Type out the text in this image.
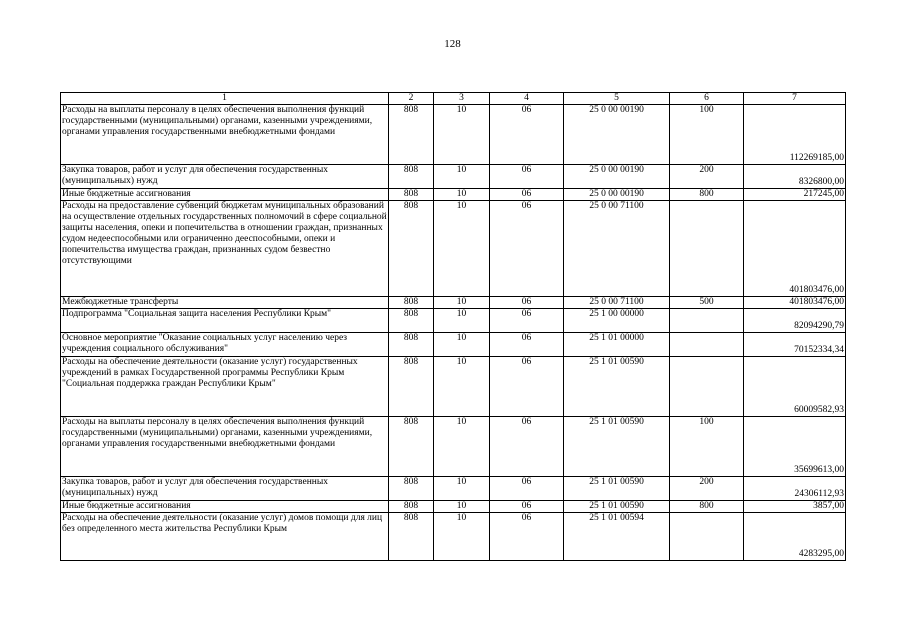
128
1	2	3	4	5	6	7
Расходы на выплаты персоналу в целях обеспечения выполнения функций государственными (муниципальными) органами, казенными учреждениями, органами управления государственными внебюджетными фондами	808	10	06	25 0 00 00190	100	112269185,00
Закупка товаров, работ и услуг для обеспечения государственных (муниципальных) нужд	808	10	06	25 0 00 00190	200	8326800,00
Иные бюджетные ассигнования	808	10	06	25 0 00 00190	800	217245,00
Расходы на предоставление субвенций бюджетам муниципальных образований на осуществление отдельных государственных полномочий в сфере социальной защиты населения, опеки и попечительства в отношении граждан, признанных судом недееспособными или ограниченно дееспособными, опеки и попечительства имущества граждан, признанных судом безвестно отсутствующими	808	10	06	25 0 00 71100		401803476,00
Межбюджетные трансферты	808	10	06	25 0 00 71100	500	401803476,00
Подпрограмма "Социальная защита населения Республики Крым"	808	10	06	25 1 00 00000		82094290,79
Основное мероприятие "Оказание социальных услуг населению через учреждения социального обслуживания"	808	10	06	25 1 01 00000		70152334,34
Расходы на обеспечение деятельности (оказание услуг) государственных учреждений в рамках Государственной программы Республики Крым "Социальная поддержка граждан Республики Крым"	808	10	06	25 1 01 00590		60009582,93
Расходы на выплаты персоналу в целях обеспечения выполнения функций государственными (муниципальными) органами, казенными учреждениями, органами управления государственными внебюджетными фондами	808	10	06	25 1 01 00590	100	35699613,00
Закупка товаров, работ и услуг для обеспечения государственных (муниципальных) нужд	808	10	06	25 1 01 00590	200	24306112,93
Иные бюджетные ассигнования	808	10	06	25 1 01 00590	800	3857,00
Расходы на обеспечение деятельности (оказание услуг) домов помощи для лиц без определенного места жительства Республики Крым	808	10	06	25 1 01 00594		4283295,00
